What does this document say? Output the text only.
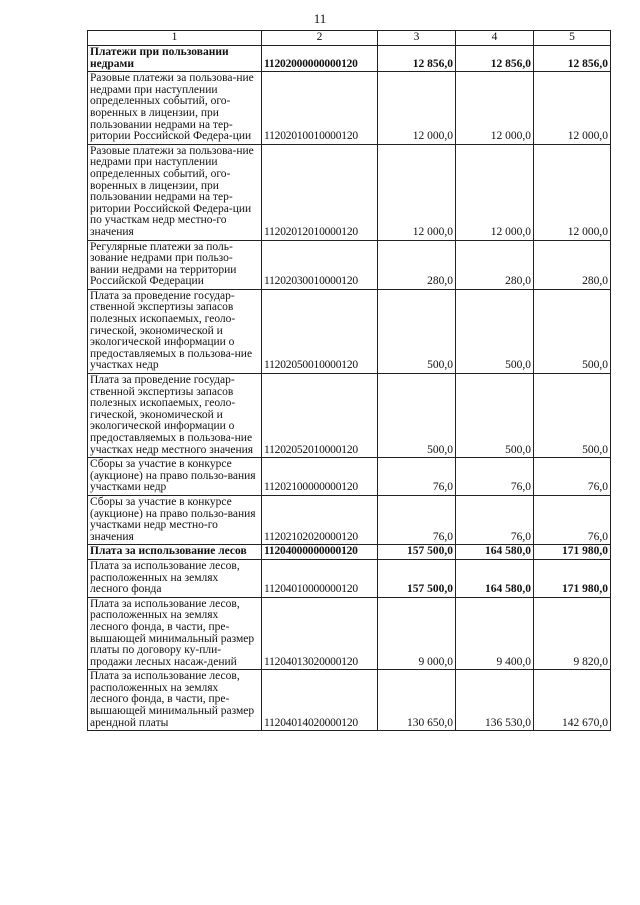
11
1	2	3	4	5
Платежи при пользовании недрами	11202000000000120	12 856,0	12 856,0	12 856,0
Разовые платежи за пользова-ние недрами при наступлении определенных событий, ого-воренных в лицензии, при пользовании недрами на тер-ритории Российской Федера-ции	11202010010000120	12 000,0	12 000,0	12 000,0
Разовые платежи за пользова-ние недрами при наступлении определенных событий, ого-воренных в лицензии, при пользовании недрами на тер-ритории Российской Федера-ции по участкам недр местно-го значения	11202012010000120	12 000,0	12 000,0	12 000,0
Регулярные платежи за поль-зование недрами при пользо-вании недрами на территории Российской Федерации	11202030010000120	280,0	280,0	280,0
Плата за проведение государ-ственной экспертизы запасов полезных ископаемых, геоло-гической, экономической и экологической информации о предоставляемых в пользова-ние участках недр	11202050010000120	500,0	500,0	500,0
Плата за проведение государ-ственной экспертизы запасов полезных ископаемых, геоло-гической, экономической и экологической информации о предоставляемых в пользова-ние участках недр местного значения	11202052010000120	500,0	500,0	500,0
Сборы за участие в конкурсе (аукционе) на право пользо-вания участками недр	11202100000000120	76,0	76,0	76,0
Сборы за участие в конкурсе (аукционе) на право пользо-вания участками недр местно-го значения	11202102020000120	76,0	76,0	76,0
Плата за использование лесов	11204000000000120	157 500,0	164 580,0	171 980,0
Плата за использование лесов, расположенных на землях лесного фонда	11204010000000120	157 500,0	164 580,0	171 980,0
Плата за использование лесов, расположенных на землях лесного фонда, в части, пре-вышающей минимальный размер платы по договору ку-пли-продажи лесных насаж-дений	11204013020000120	9 000,0	9 400,0	9 820,0
Плата за использование лесов, расположенных на землях лесного фонда, в части, пре-вышающей минимальный размер арендной платы	11204014020000120	130 650,0	136 530,0	142 670,0
